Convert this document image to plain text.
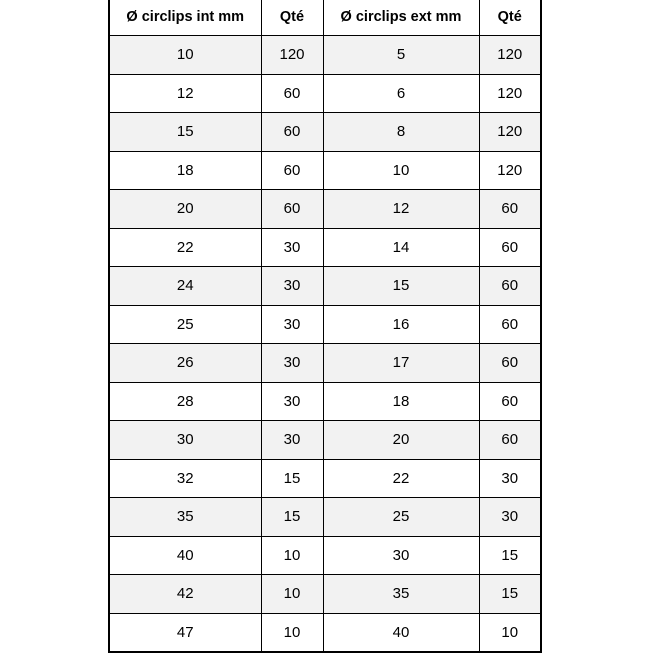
Ø circlips int mm	Qté	Ø circlips ext mm	Qté
10	120	5	120
12	60	6	120
15	60	8	120
18	60	10	120
20	60	12	60
22	30	14	60
24	30	15	60
25	30	16	60
26	30	17	60
28	30	18	60
30	30	20	60
32	15	22	30
35	15	25	30
40	10	30	15
42	10	35	15
47	10	40	10
